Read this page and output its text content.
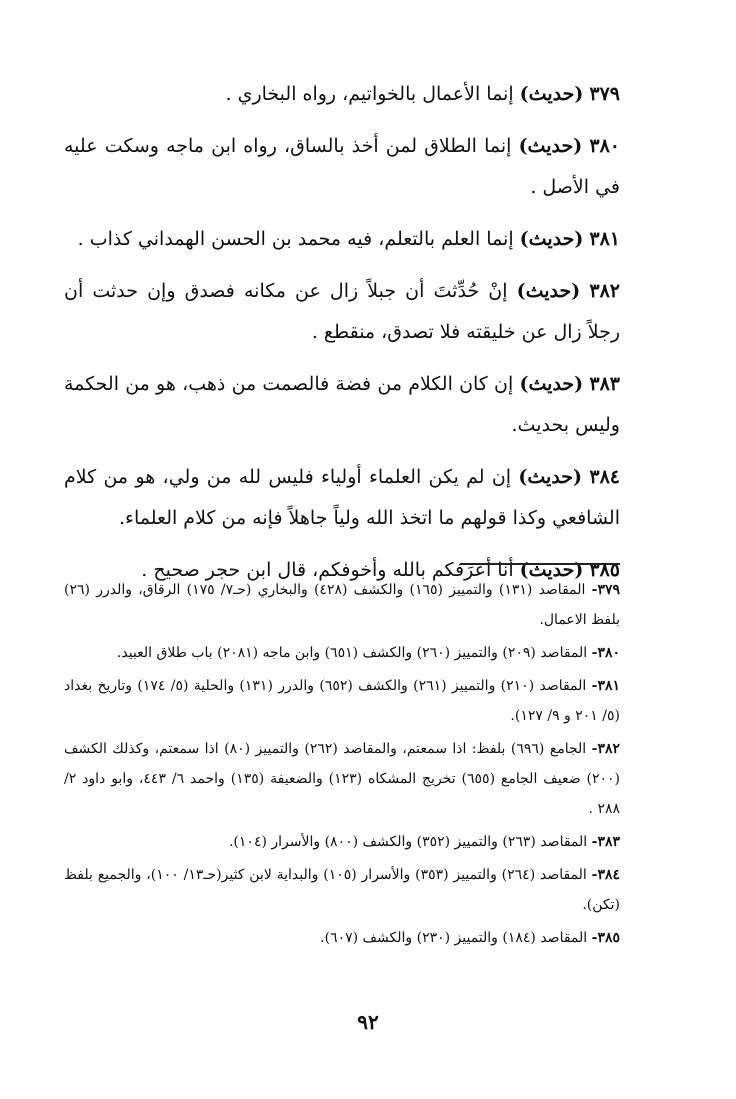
٣٧٩ (حديث) إنما الأعمال بالخواتيم، رواه البخاري .

٣٨٠ (حديث) إنما الطلاق لمن أخذ بالساق، رواه ابن ماجه وسكت عليه في الأصل .

٣٨١ (حديث) إنما العلم بالتعلم، فيه محمد بن الحسن الهمداني كذاب .

٣٨٢ (حديث) إنْ حُدِّثتَ أن جبلاً زال عن مكانه فصدق وإن حدثت أن رجلاً زال عن خليقته فلا تصدق، منقطع .

٣٨٣ (حديث) إن كان الكلام من فضة فالصمت من ذهب، هو من الحكمة وليس بحديث.

٣٨٤ (حديث) إن لم يكن العلماء أولياء فليس لله من ولي، هو من كلام الشافعي وكذا قولهم ما اتخذ الله ولياً جاهلاً فإنه من كلام العلماء.

٣٨٥ (حديث) أنا أعرَفكم بالله وأخوفكم، قال ابن حجر صحيح .

٣٧٩- المقاصد (١٣١) والتمييز (١٦٥) والكشف (٤٢٨) والبخاري (حـ٧/ ١٧٥) الرقاق، والدرر (٢٦) بلفظ الاعمال.

٣٨٠- المقاصد (٢٠٩) والتمييز (٢٦٠) والكشف (٦٥١) وابن ماجه (٢٠٨١) باب طلاق العبيد.

٣٨١- المقاصد (٢١٠) والتمييز (٢٦١) والكشف (٦٥٢) والدرر (١٣١) والحلية (٥/ ١٧٤) وتاريخ بغداد (٥/ ٢٠١ و ٩/ ١٢٧).

٣٨٢- الجامع (٦٩٦) بلفظ: اذا سمعتم، والمقاصد (٢٦٢) والتمييز (٨٠) اذا سمعتم، وكذلك الكشف (٢٠٠) ضعيف الجامع (٦٥٥) تخريج المشكاه (١٢٣) والضعيفة (١٣٥) واحمد ٦/ ٤٤٣، وابو داود ٢/ ٢٨٨ .

٣٨٣- المقاصد (٢٦٣) والتمييز (٣٥٢) والكشف (٨٠٠) والأسرار (١٠٤).

٣٨٤- المقاصد (٢٦٤) والتمييز (٣٥٣) والأسرار (١٠٥) والبداية لابن كثير(حـ١٣/ ١٠٠)، والجميع بلفظ (تكن).

٣٨٥- المقاصد (١٨٤) والتمييز (٢٣٠) والكشف (٦٠٧).

٩٢
